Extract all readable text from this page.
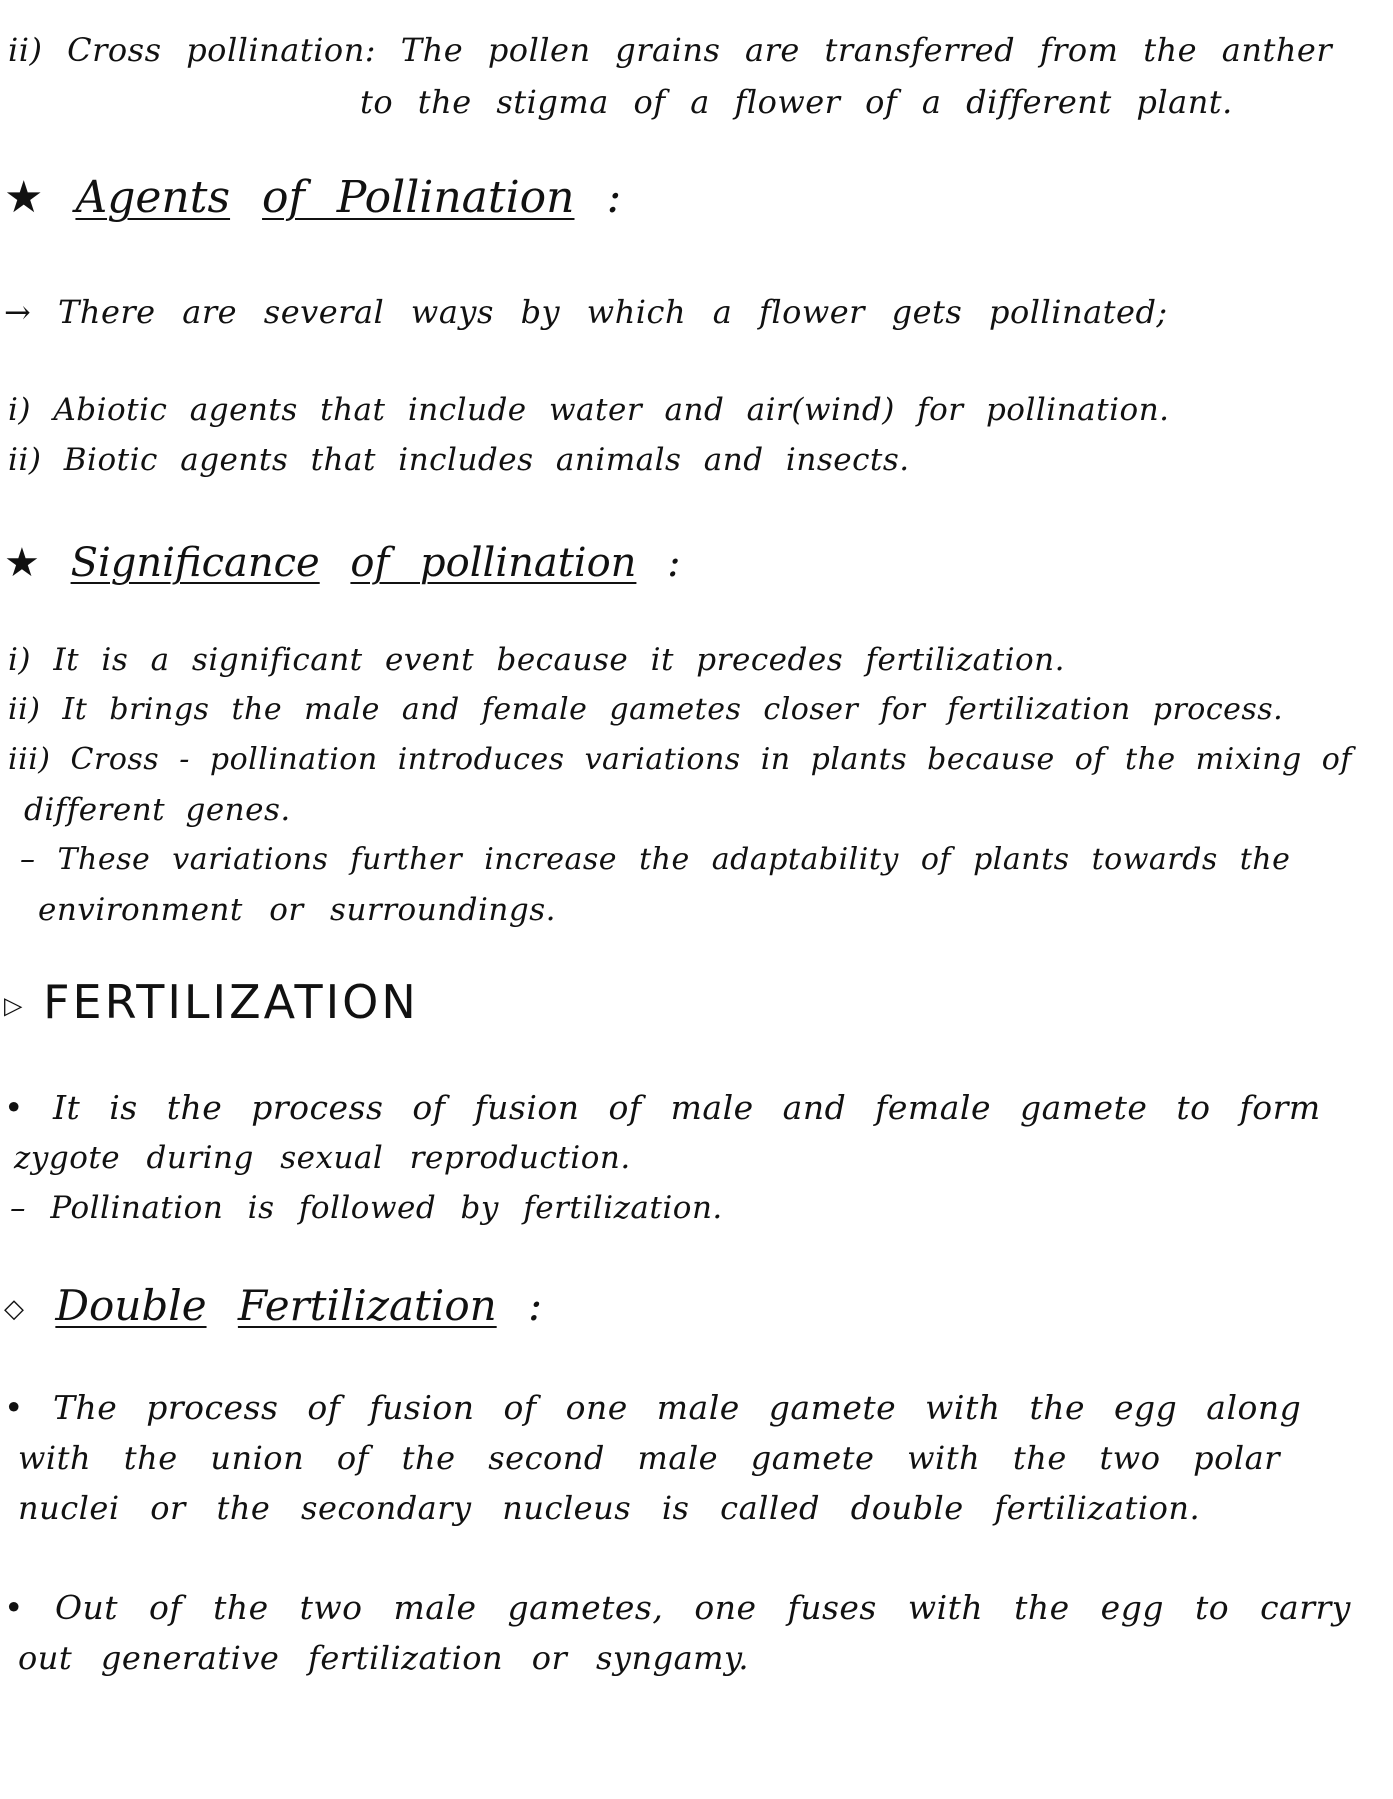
ii) Cross pollination: The pollen grains are transferred from the anther
to the stigma of a flower of a different plant.
★ Agents of Pollination :
→ There are several ways by which a flower gets pollinated;
i) Abiotic agents that include water and air(wind) for pollination.
ii) Biotic agents that includes animals and insects.
★ Significance of pollination :
i) It is a significant event because it precedes fertilization.
ii) It brings the male and female gametes closer for fertilization process.
iii) Cross - pollination introduces variations in plants because of the mixing of
different genes.
– These variations further increase the adaptability of plants towards the
environment or surroundings.
▷ FERTILIZATION
• It is the process of fusion of male and female gamete to form
zygote during sexual reproduction.
– Pollination is followed by fertilization.
◇ Double Fertilization :
• The process of fusion of one male gamete with the egg along
with the union of the second male gamete with the two polar
nuclei or the secondary nucleus is called double fertilization.
• Out of the two male gametes, one fuses with the egg to carry
out generative fertilization or syngamy.
